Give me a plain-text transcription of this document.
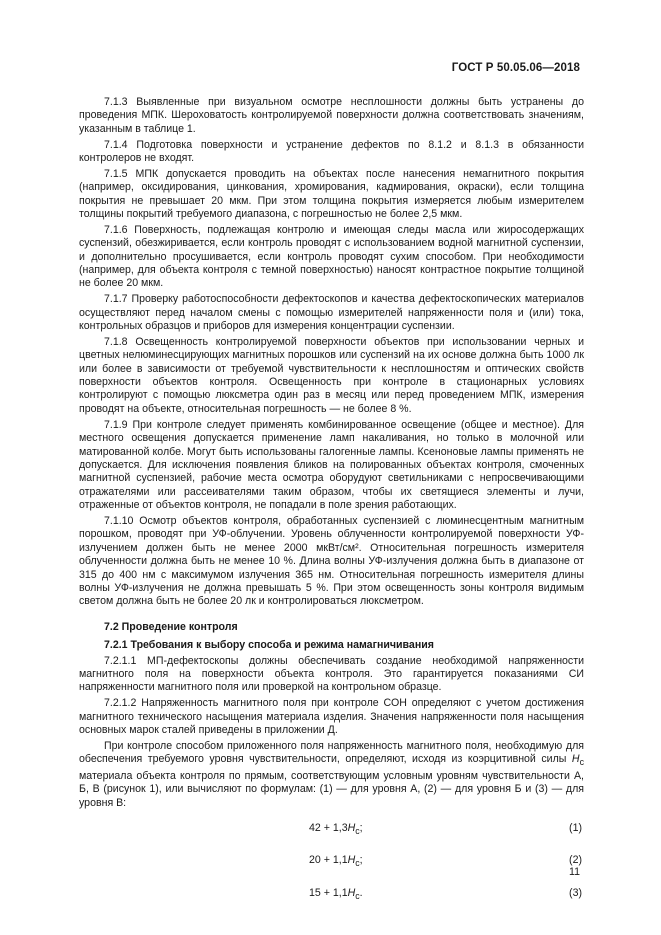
ГОСТ Р 50.05.06—2018

7.1.3 Выявленные при визуальном осмотре несплошности должны быть устранены до проведения МПК. Шероховатость контролируемой поверхности должна соответствовать значениям, указанным в таблице 1.

7.1.4 Подготовка поверхности и устранение дефектов по 8.1.2 и 8.1.3 в обязанности контролеров не входят.

7.1.5 МПК допускается проводить на объектах после нанесения немагнитного покрытия (например, оксидирования, цинкования, хромирования, кадмирования, окраски), если толщина покрытия не превышает 20 мкм. При этом толщина покрытия измеряется любым измерителем толщины покрытий требуемого диапазона, с погрешностью не более 2,5 мкм.

7.1.6 Поверхность, подлежащая контролю и имеющая следы масла или жиросодержащих суспензий, обезжиривается, если контроль проводят с использованием водной магнитной суспензии, и дополнительно просушивается, если контроль проводят сухим способом. При необходимости (например, для объекта контроля с темной поверхностью) наносят контрастное покрытие толщиной не более 20 мкм.

7.1.7 Проверку работоспособности дефектоскопов и качества дефектоскопических материалов осуществляют перед началом смены с помощью измерителей напряженности поля и (или) тока, контрольных образцов и приборов для измерения концентрации суспензии.

7.1.8 Освещенность контролируемой поверхности объектов при использовании черных и цветных нелюминесцирующих магнитных порошков или суспензий на их основе должна быть 1000 лк или более в зависимости от требуемой чувствительности к несплошностям и оптических свойств поверхности объектов контроля. Освещенность при контроле в стационарных условиях контролируют с помощью люксметра один раз в месяц или перед проведением МПК, измерения проводят на объекте, относительная погрешность — не более 8 %.

7.1.9 При контроле следует применять комбинированное освещение (общее и местное). Для местного освещения допускается применение ламп накаливания, но только в молочной или матированной колбе. Могут быть использованы галогенные лампы. Ксеноновые лампы применять не допускается. Для исключения появления бликов на полированных объектах контроля, смоченных магнитной суспензией, рабочие места осмотра оборудуют светильниками с непросвечивающими отражателями или рассеивателями таким образом, чтобы их светящиеся элементы и лучи, отраженные от объектов контроля, не попадали в поле зрения работающих.

7.1.10 Осмотр объектов контроля, обработанных суспензией с люминесцентным магнитным порошком, проводят при УФ-облучении. Уровень облученности контролируемой поверхности УФ-излучением должен быть не менее 2000 мкВт/см². Относительная погрешность измерителя облученности должна быть не менее 10 %. Длина волны УФ-излучения должна быть в диапазоне от 315 до 400 нм с максимумом излучения 365 нм. Относительная погрешность измерителя длины волны УФ-излучения не должна превышать 5 %. При этом освещенность зоны контроля видимым светом должна быть не более 20 лк и контролироваться люксметром.

7.2 Проведение контроля

7.2.1 Требования к выбору способа и режима намагничивания

7.2.1.1 МП-дефектоскопы должны обеспечивать создание необходимой напряженности магнитного поля на поверхности объекта контроля. Это гарантируется показаниями СИ напряженности магнитного поля или проверкой на контрольном образце.

7.2.1.2 Напряженность магнитного поля при контроле СОН определяют с учетом достижения магнитного технического насыщения материала изделия. Значения напряженности поля насыщения основных марок сталей приведены в приложении Д.

При контроле способом приложенного поля напряженность магнитного поля, необходимую для обеспечения требуемого уровня чувствительности, определяют, исходя из коэрцитивной силы $H_c$ материала объекта контроля по прямым, соответствующим условным уровням чувствительности А, Б, В (рисунок 1), или вычисляют по формулам: (1) — для уровня А, (2) — для уровня Б и (3) — для уровня В:

$42 + 1,3H_c$;	(1)
$20 + 1,1H_c$;	(2)
$15 + 1,1H_c$.	(3)
11
